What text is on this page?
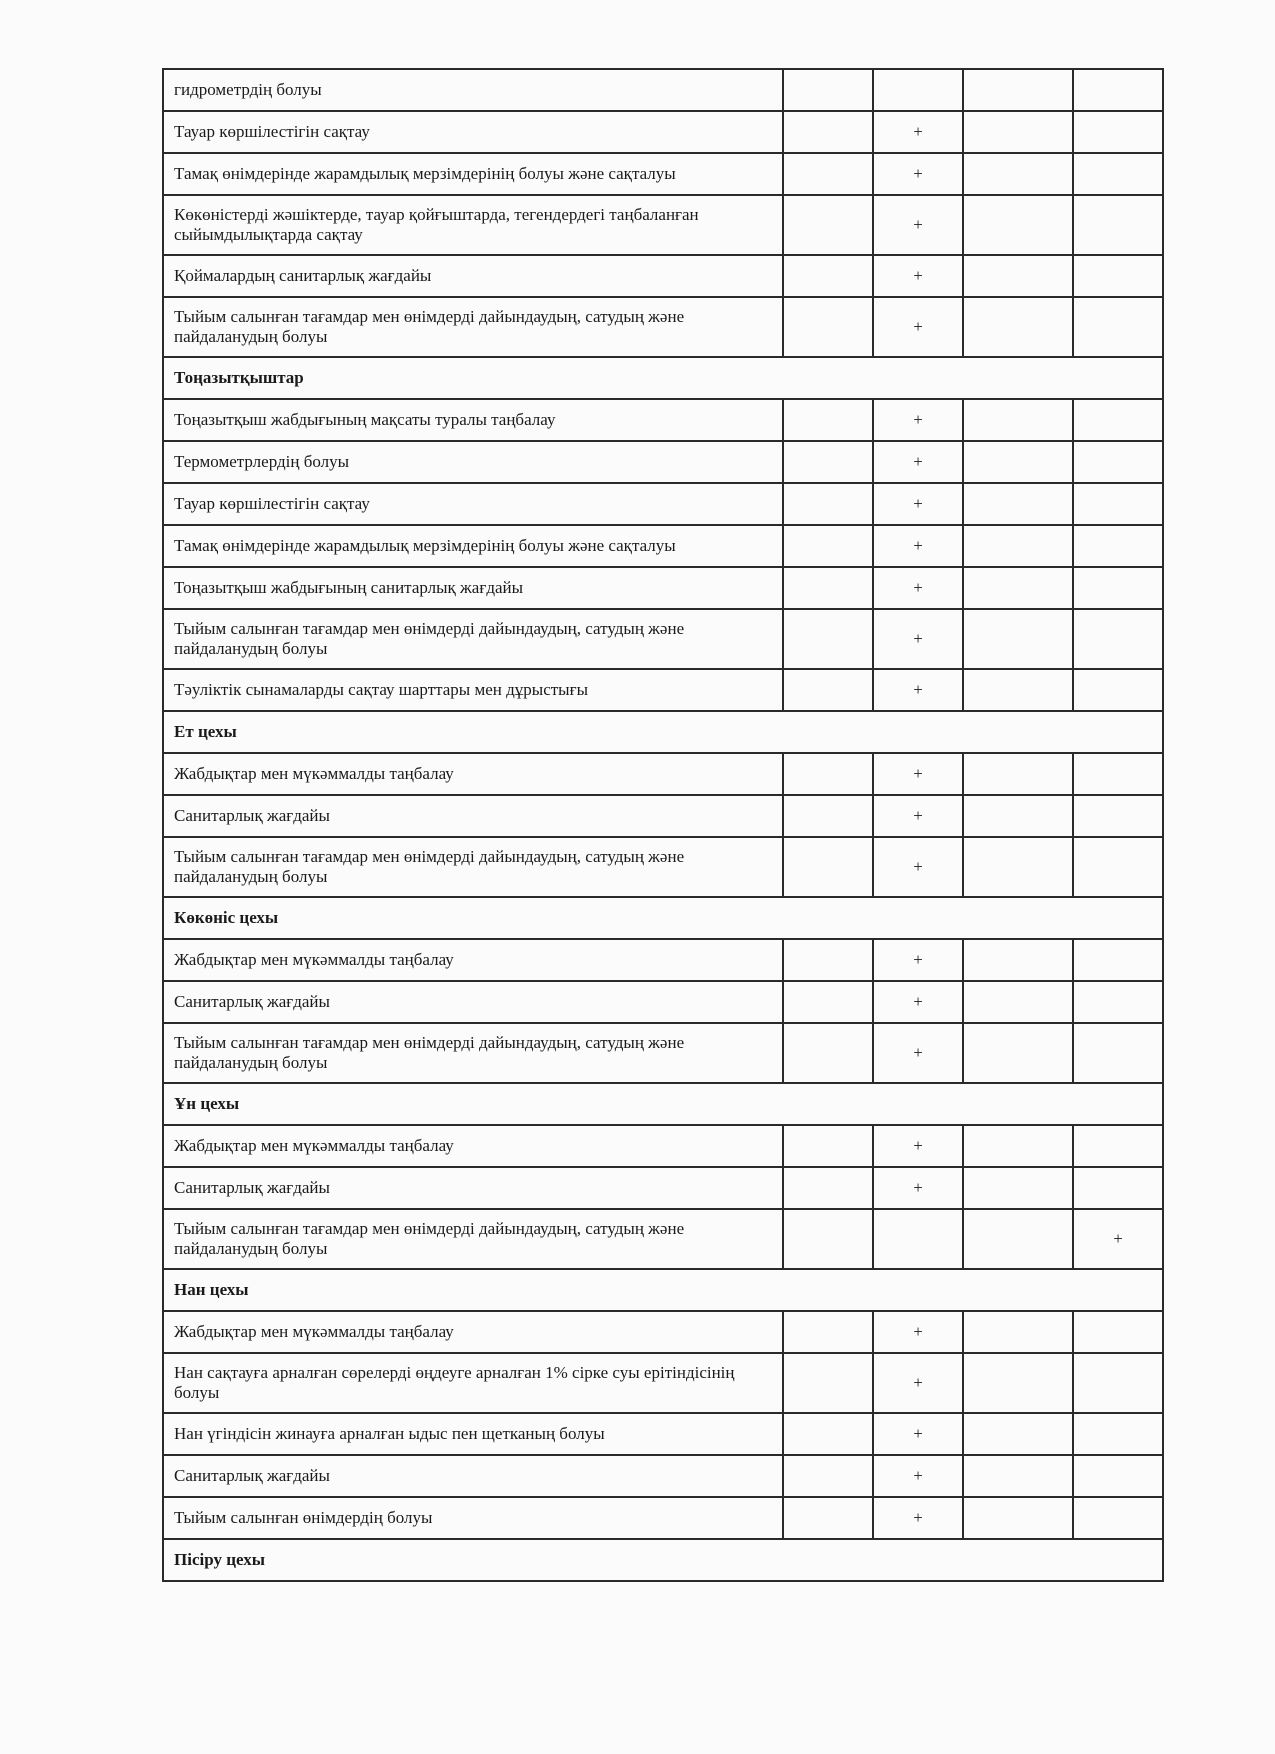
гидрометрдің болуы				
Тауар көршілестігін сақтау		+		
Тамақ өнімдерінде жарамдылық мерзімдерінің болуы және сақталуы		+		
Көкөністерді жәшіктерде, тауар қойғыштарда, тегендердегі таңбаланған сыйымдылықтарда сақтау		+		
Қоймалардың санитарлық жағдайы		+		
Тыйым салынған тағамдар мен өнімдерді дайындаудың, сатудың және пайдаланудың болуы		+		
Тоңазытқыштар				
Тоңазытқыш жабдығының мақсаты туралы таңбалау		+		
Термометрлердің болуы		+		
Тауар көршілестігін сақтау		+		
Тамақ өнімдерінде жарамдылық мерзімдерінің болуы және сақталуы		+		
Тоңазытқыш жабдығының санитарлық жағдайы		+		
Тыйым салынған тағамдар мен өнімдерді дайындаудың, сатудың және пайдаланудың болуы		+		
Тәуліктік сынамаларды сақтау шарттары мен дұрыстығы		+		
Ет цехы				
Жабдықтар мен мүкәммалды таңбалау		+		
Санитарлық жағдайы		+		
Тыйым салынған тағамдар мен өнімдерді дайындаудың, сатудың және пайдаланудың болуы		+		
Көкөніс цехы				
Жабдықтар мен мүкәммалды таңбалау		+		
Санитарлық жағдайы		+		
Тыйым салынған тағамдар мен өнімдерді дайындаудың, сатудың және пайдаланудың болуы		+		
Ұн цехы				
Жабдықтар мен мүкәммалды таңбалау		+		
Санитарлық жағдайы		+		
Тыйым салынған тағамдар мен өнімдерді дайындаудың, сатудың және пайдаланудың болуы				+
Нан цехы				
Жабдықтар мен мүкәммалды таңбалау		+		
Нан сақтауға арналған сөрелерді өңдеуге арналған 1% сірке суы ерітіндісінің болуы		+		
Нан үгіндісін жинауға арналған ыдыс пен щетканың болуы		+		
Санитарлық жағдайы		+		
Тыйым салынған өнімдердің болуы		+		
Пісіру цехы				
